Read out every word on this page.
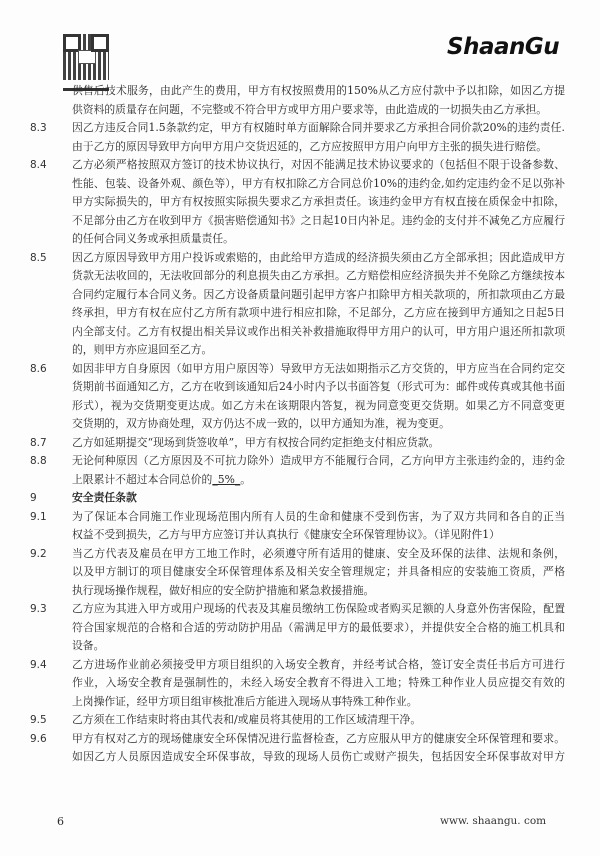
ShaanGu
供售后技术服务，由此产生的费用，甲方有权按照费用的150%从乙方应付款中予以扣除，如因乙方提
供资料的质量存在问题，不完整或不符合甲方或甲方用户要求等，由此造成的一切损失由乙方承担。
8.3 因乙方违反合同1.5条款约定，甲方有权随时单方面解除合同并要求乙方承担合同价款20%的违约责任.
由于乙方的原因导致甲方向甲方用户交货迟延的，乙方应按照甲方用户向甲方主张的损失进行赔偿。
8.4 乙方必须严格按照双方签订的技术协议执行，对因不能满足技术协议要求的（包括但不限于设备参数、
性能、包装、设备外观、颜色等），甲方有权扣除乙方合同总价10%的违约金,如约定违约金不足以弥补
甲方实际损失的，甲方有权按照实际损失要求乙方承担责任。该违约金甲方有权直接在质保金中扣除，
不足部分由乙方在收到甲方《损害赔偿通知书》之日起10日内补足。违约金的支付并不减免乙方应履行
的任何合同义务或承担质量责任。
8.5 因乙方原因导致甲方用户投诉或索赔的，由此给甲方造成的经济损失须由乙方全部承担；因此造成甲方
货款无法收回的，无法收回部分的利息损失由乙方承担。乙方赔偿相应经济损失并不免除乙方继续按本
合同约定履行本合同义务。因乙方设备质量问题引起甲方客户扣除甲方相关款项的，所扣款项由乙方最
终承担，甲方有权在应付乙方所有款项中进行相应扣除，不足部分，乙方应在接到甲方通知之日起5日
内全部支付。乙方有权提出相关异议或作出相关补救措施取得甲方用户的认可，甲方用户退还所扣款项
的，则甲方亦应退回至乙方。
8.6 如因非甲方自身原因（如甲方用户原因等）导致甲方无法如期指示乙方交货的，甲方应当在合同约定交
货期前书面通知乙方，乙方在收到该通知后24小时内予以书面答复（形式可为：邮件或传真或其他书面
形式），视为交货期变更达成。如乙方未在该期限内答复，视为同意变更交货期。如果乙方不同意变更
交货期的，双方协商处理，双方仍达不成一致的，以甲方通知为准，视为变更。
8.7 乙方如延期提交“现场到货签收单”，甲方有权按合同约定拒绝支付相应货款。
8.8 无论何种原因（乙方原因及不可抗力除外）造成甲方不能履行合同，乙方向甲方主张违约金的，违约金
上限累计不超过本合同总价的_5%_。
9	安全责任条款
9.1 为了保证本合同施工作业现场范围内所有人员的生命和健康不受到伤害，为了双方共同和各自的正当
权益不受到损失，乙方与甲方应签订并认真执行《健康安全环保管理协议》。（详见附件1）
9.2 当乙方代表及雇员在甲方工地工作时，必须遵守所有适用的健康、安全及环保的法律、法规和条例，
以及甲方制订的项目健康安全环保管理体系及相关安全管理规定；并具备相应的安装施工资质，严格
执行现场操作规程，做好相应的安全防护措施和紧急救援措施。
9.3 乙方应为其进入甲方或用户现场的代表及其雇员缴纳工伤保险或者购买足额的人身意外伤害保险，配置
符合国家规范的合格和合适的劳动防护用品（需满足甲方的最低要求），并提供安全合格的施工机具和
设备。
9.4 乙方进场作业前必须接受甲方项目组织的入场安全教育，并经考试合格，签订安全责任书后方可进行
作业，入场安全教育是强制性的，未经入场安全教育不得进入工地；特殊工种作业人员应提交有效的
上岗操作证，经甲方项目组审核批准后方能进入现场从事特殊工种作业。
9.5 乙方须在工作结束时将由其代表和/或雇员将其使用的工作区域清理干净。
9.6 甲方有权对乙方的现场健康安全环保情况进行监督检查，乙方应服从甲方的健康安全环保管理和要求。
如因乙方人员原因造成安全环保事故，导致的现场人员伤亡或财产损失，包括因安全环保事故对甲方
6	www. shaangu. com
